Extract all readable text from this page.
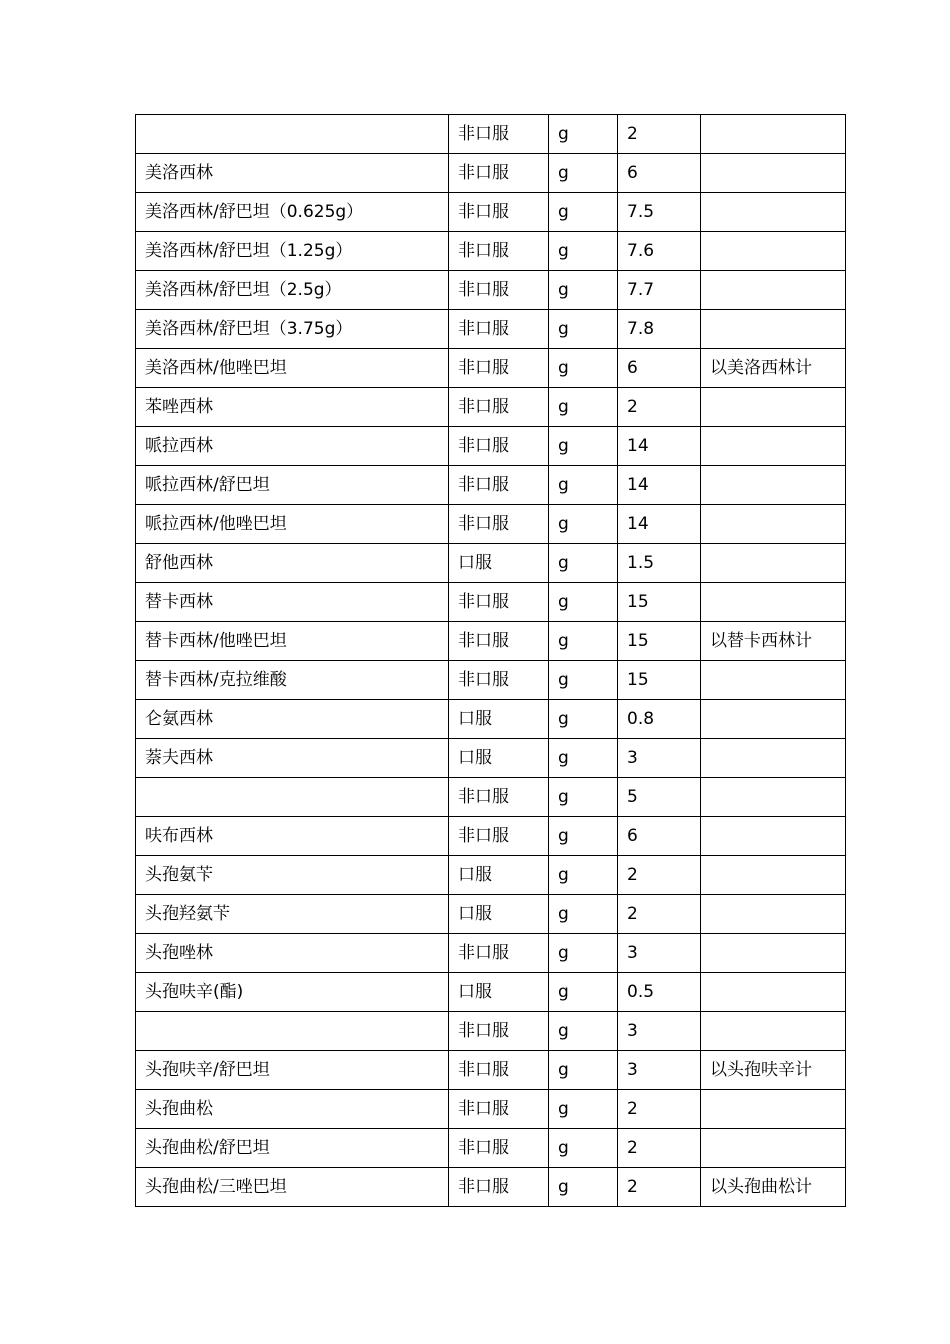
	非口服	g	2	
美洛西林	非口服	g	6	
美洛西林/舒巴坦（0.625g）	非口服	g	7.5	
美洛西林/舒巴坦（1.25g）	非口服	g	7.6	
美洛西林/舒巴坦（2.5g）	非口服	g	7.7	
美洛西林/舒巴坦（3.75g）	非口服	g	7.8	
美洛西林/他唑巴坦	非口服	g	6	以美洛西林计
苯唑西林	非口服	g	2	
哌拉西林	非口服	g	14	
哌拉西林/舒巴坦	非口服	g	14	
哌拉西林/他唑巴坦	非口服	g	14	
舒他西林	口服	g	1.5	
替卡西林	非口服	g	15	
替卡西林/他唑巴坦	非口服	g	15	以替卡西林计
替卡西林/克拉维酸	非口服	g	15	
仑氨西林	口服	g	0.8	
萘夫西林	口服	g	3	
	非口服	g	5	
呋布西林	非口服	g	6	
头孢氨苄	口服	g	2	
头孢羟氨苄	口服	g	2	
头孢唑林	非口服	g	3	
头孢呋辛(酯)	口服	g	0.5	
	非口服	g	3	
头孢呋辛/舒巴坦	非口服	g	3	以头孢呋辛计
头孢曲松	非口服	g	2	
头孢曲松/舒巴坦	非口服	g	2	
头孢曲松/三唑巴坦	非口服	g	2	以头孢曲松计
